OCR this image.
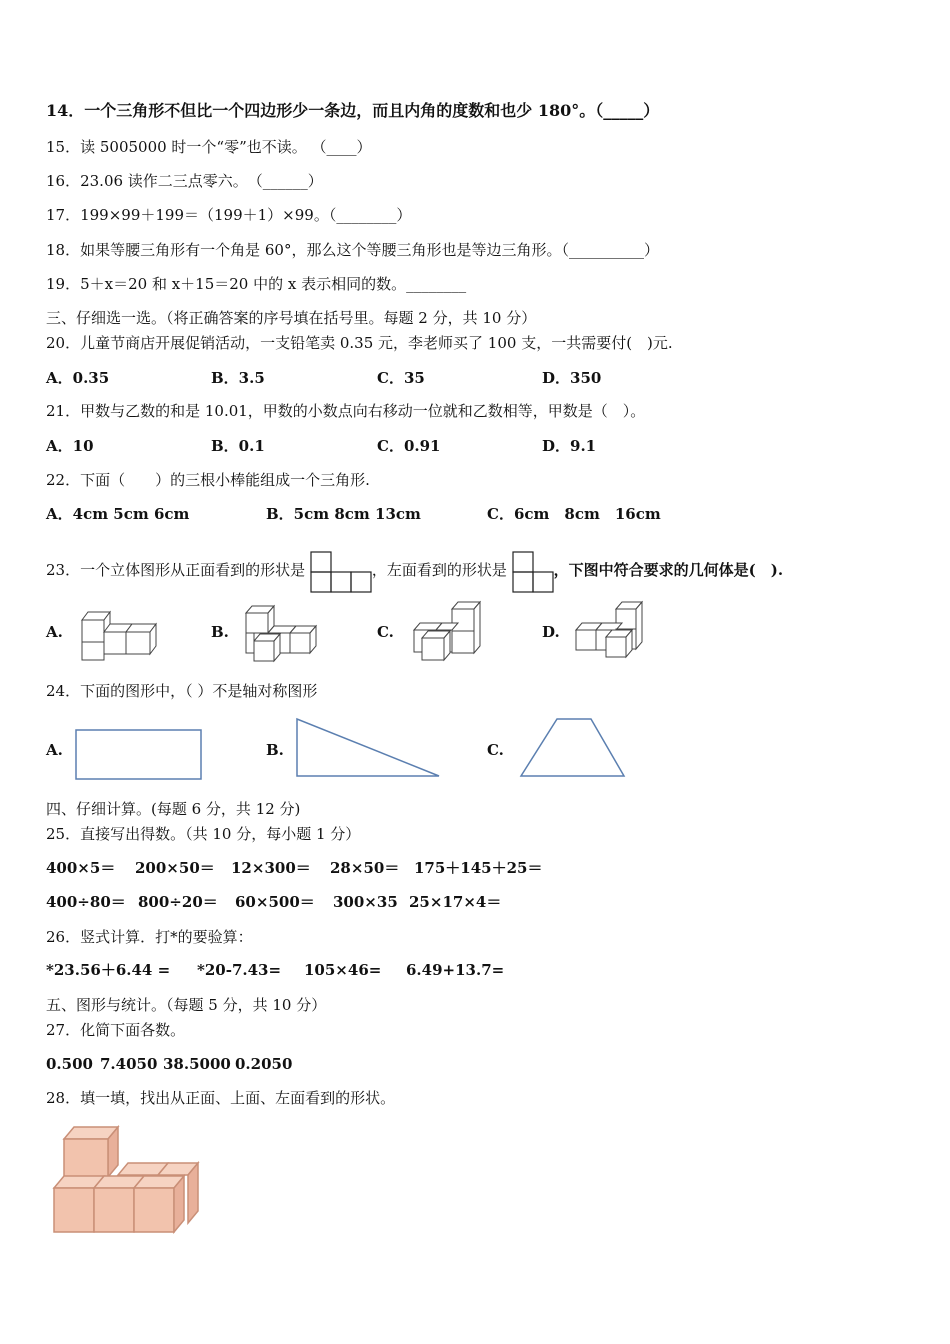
14．一个三角形不但比一个四边形少一条边，而且内角的度数和也少 180°。（_____）
15．读 5005000 时一个“零”也不读。 （____）
16．23.06 读作二三点零六。　（______）
17．199×99＋199＝（199＋1）×99。（________）
18．如果等腰三角形有一个角是 60°，那么这个等腰三角形也是等边三角形。（__________）
19．5＋x＝20 和 x＋15＝20 中的 x 表示相同的数。________
三、仔细选一选。（将正确答案的序号填在括号里。每题 2 分，共 10 分）
20．儿童节商店开展促销活动，一支铅笔卖 0.35 元，李老师买了 100 支，一共需要付(　)元.
A．0.35	B．3.5	C．35	D．350
21．甲数与乙数的和是 10.01，甲数的小数点向右移动一位就和乙数相等，甲数是（　）。
A．10	B．0.1	C．0.91	D．9.1
22．下面（　　）的三根小棒能组成一个三角形.
A．4cm 5cm 6cm	B．5cm 8cm 13cm	C．6cm　8cm　16cm
23．一个立体图形从正面看到的形状是	，左面看到的形状是	，下图中符合要求的几何体是(　).
A.	B.	C.	D.
24．下面的图形中，（ ）不是轴对称图形
A.	B.	C.
四、仔细计算。(每题 6 分，共 12 分)
25．直接写出得数。（共 10 分，每小题 1 分）
400×5＝ 200×50＝ 12×300＝ 28×50＝ 175＋145＋25＝
400÷80＝ 800÷20＝ 60×500＝ 300×35 25×17×4＝
26．竖式计算．打*的要验算：
*23.56＋6.44 = *20-7.43= 105×46= 6.49+13.7=
五、图形与统计。（每题 5 分，共 10 分）
27．化简下面各数。
0.500 7.4050 38.5000 0.2050
28．填一填，找出从正面、上面、左面看到的形状。
